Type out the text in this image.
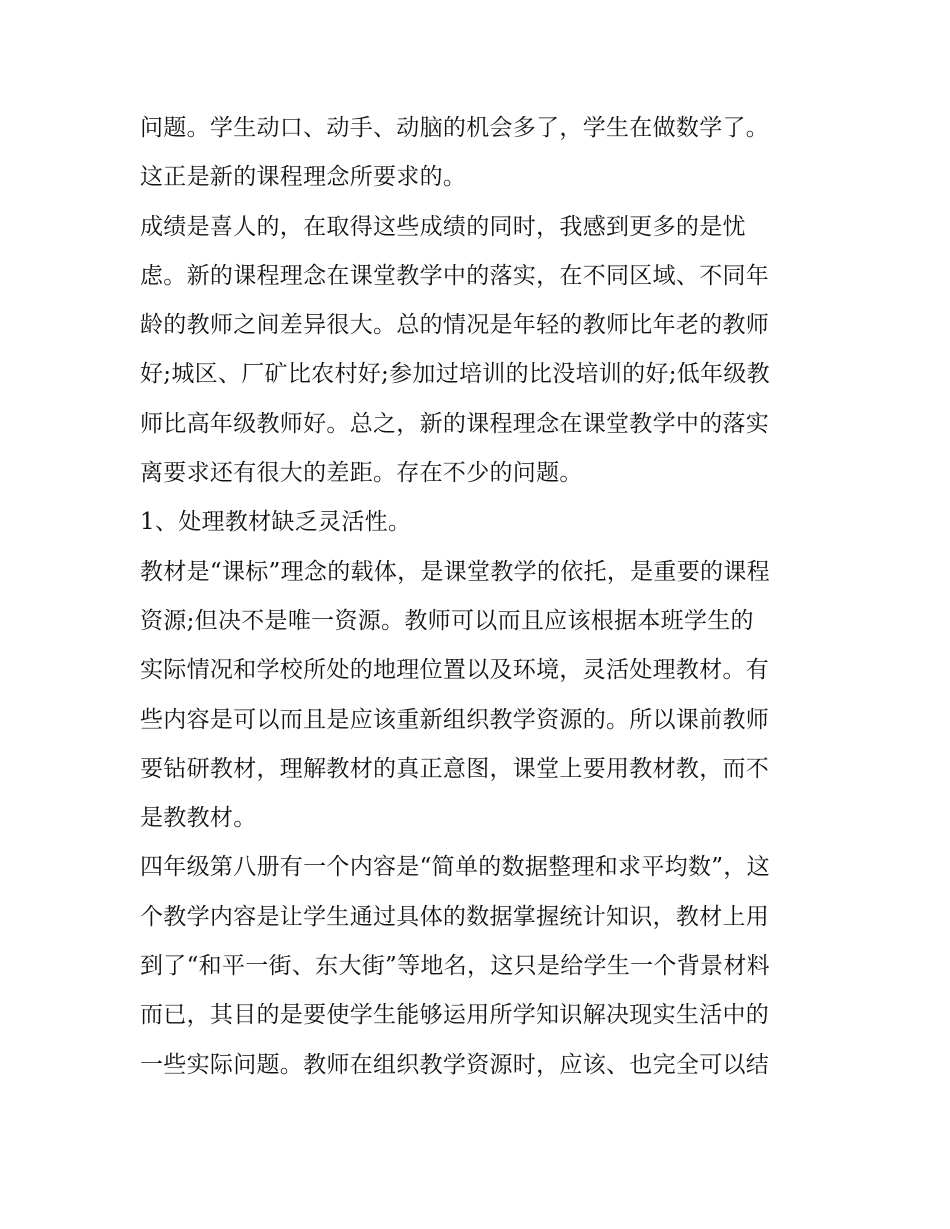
问题。学生动口、动手、动脑的机会多了，学生在做数学了。

这正是新的课程理念所要求的。

成绩是喜人的，在取得这些成绩的同时，我感到更多的是忧

虑。新的课程理念在课堂教学中的落实，在不同区域、不同年

龄的教师之间差异很大。总的情况是年轻的教师比年老的教师

好;城区、厂矿比农村好;参加过培训的比没培训的好;低年级教

师比高年级教师好。总之，新的课程理念在课堂教学中的落实

离要求还有很大的差距。存在不少的问题。

1、处理教材缺乏灵活性。

教材是“课标”理念的载体，是课堂教学的依托，是重要的课程

资源;但决不是唯一资源。教师可以而且应该根据本班学生的

实际情况和学校所处的地理位置以及环境，灵活处理教材。有

些内容是可以而且是应该重新组织教学资源的。所以课前教师

要钻研教材，理解教材的真正意图，课堂上要用教材教，而不

是教教材。

四年级第八册有一个内容是“简单的数据整理和求平均数”，这

个教学内容是让学生通过具体的数据掌握统计知识，教材上用

到了“和平一街、东大街”等地名，这只是给学生一个背景材料

而已，其目的是要使学生能够运用所学知识解决现实生活中的

一些实际问题。教师在组织教学资源时，应该、也完全可以结
